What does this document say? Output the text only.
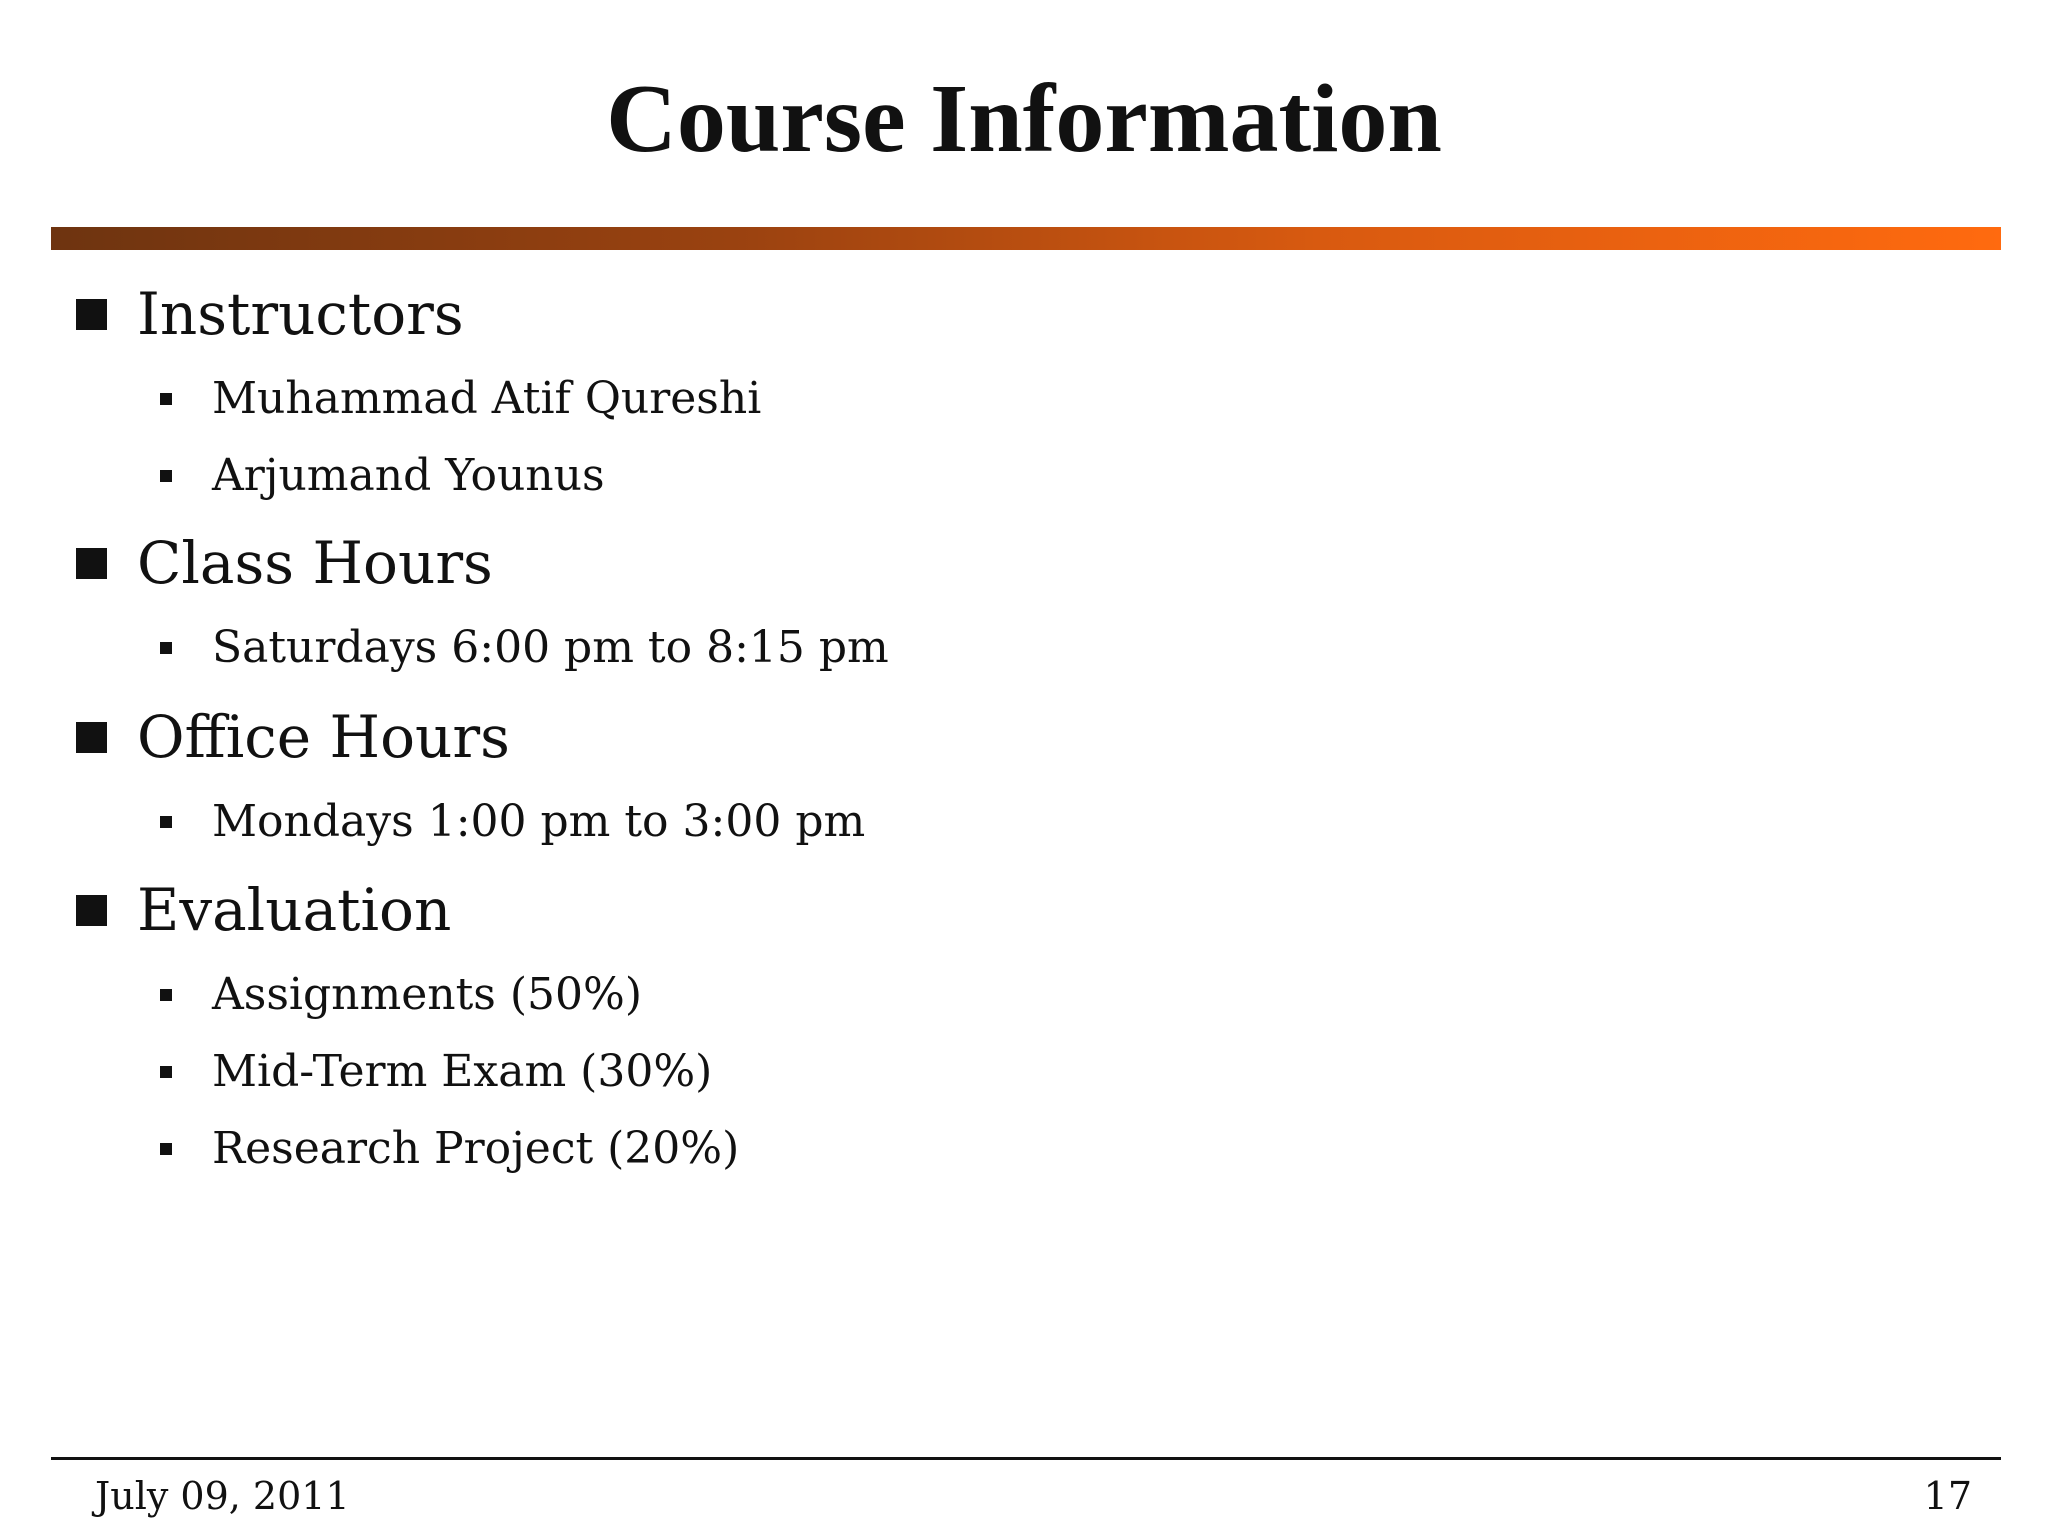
Course Information
Instructors
Muhammad Atif Qureshi
Arjumand Younus
Class Hours
Saturdays 6:00 pm to 8:15 pm
Office Hours
Mondays 1:00 pm to 3:00 pm
Evaluation
Assignments (50%)
Mid-Term Exam (30%)
Research Project (20%)
July 09, 2011	17
